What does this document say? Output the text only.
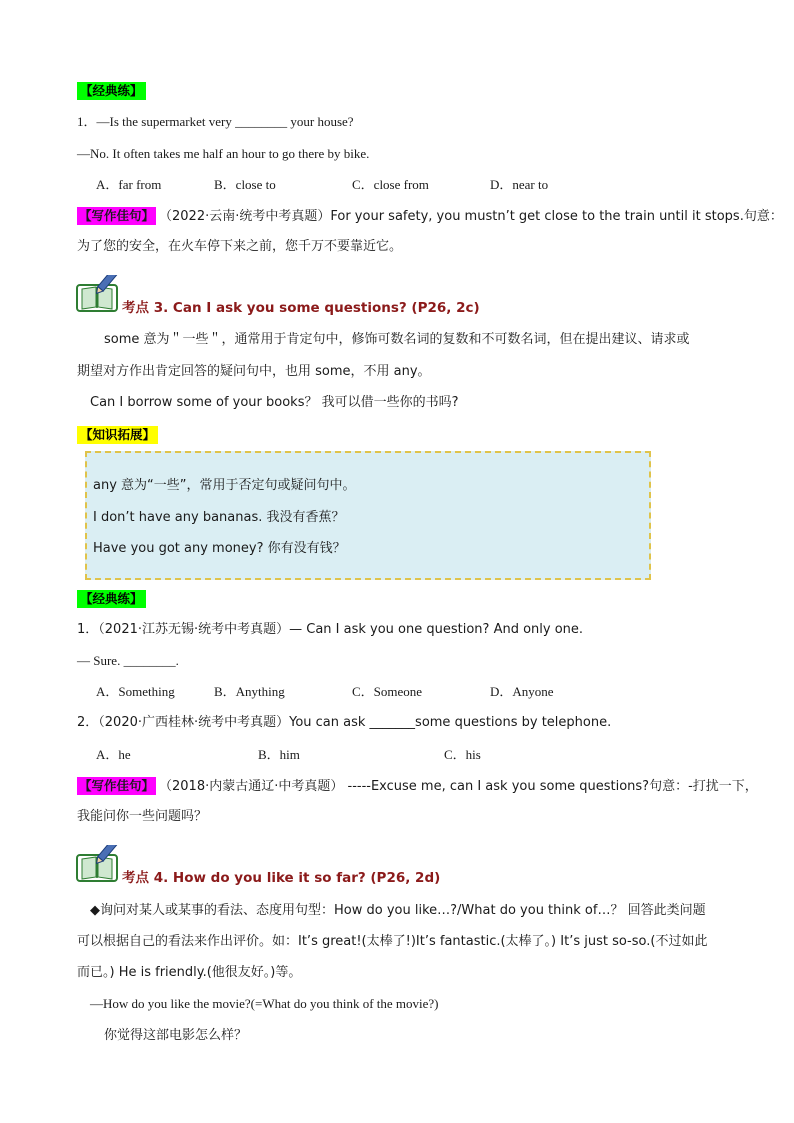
【经典练】
1．—Is the supermarket very ________ your house?
—No. It often takes me half an hour to go there by bike.
A．far from	B．close to	C．close from	D．near to
【写作佳句】 （2022·云南·统考中考真题）For your safety, you mustn’t get close to the train until it stops.句意：
为了您的安全，在火车停下来之前，您千万不要靠近它。
考点 3. Can I ask you some questions? (P26, 2c)
some 意为＂一些＂，通常用于肯定句中，修饰可数名词的复数和不可数名词，但在提出建议、请求或
期望对方作出肯定回答的疑问句中，也用 some，不用 any。
Can I borrow some of your books？ 我可以借一些你的书吗?
【知识拓展】
any 意为“一些”，常用于否定句或疑问句中。
I don’t have any bananas. 我没有香蕉？
Have you got any money? 你有没有钱？
【经典练】
1．（2021·江苏无锡·统考中考真题）— Can I ask you one question? And only one.
— Sure. ________.
A．Something	B．Anything	C．Someone	D．Anyone
2．（2020·广西桂林·统考中考真题）You can ask _______some questions by telephone.
A．he	B．him	C．his
【写作佳句】 （2018·内蒙古通辽·中考真题） -----Excuse me, can I ask you some questions?句意：-打扰一下，
我能问你一些问题吗？
考点 4. How do you like it so far? (P26, 2d)
◆询问对某人或某事的看法、态度用句型：How do you like…?/What do you think of…？ 回答此类问题
可以根据自己的看法来作出评价。如：It’s great!(太棒了!)It’s fantastic.(太棒了。) It’s just so-so.(不过如此
而已。) He is friendly.(他很友好。)等。
—How do you like the movie?(=What do you think of the movie?)
你觉得这部电影怎么样？
